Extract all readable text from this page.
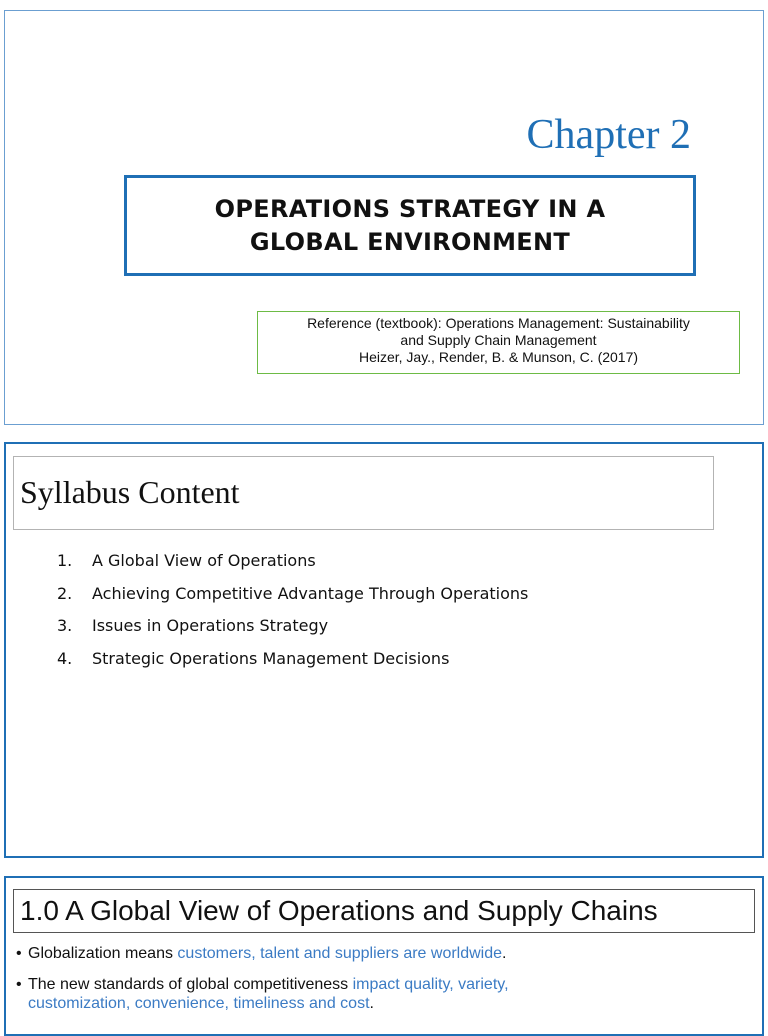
Chapter 2
OPERATIONS STRATEGY IN A
GLOBAL ENVIRONMENT
Reference (textbook): Operations Management: Sustainability
and Supply Chain Management
Heizer, Jay., Render, B. & Munson, C. (2017)
Syllabus Content
1. A Global View of Operations
2. Achieving Competitive Advantage Through Operations
3. Issues in Operations Strategy
4. Strategic Operations Management Decisions
1.0 A Global View of Operations and Supply Chains
• Globalization means customers, talent and suppliers are worldwide.
• The new standards of global competitiveness impact quality, variety,
customization, convenience, timeliness and cost.
